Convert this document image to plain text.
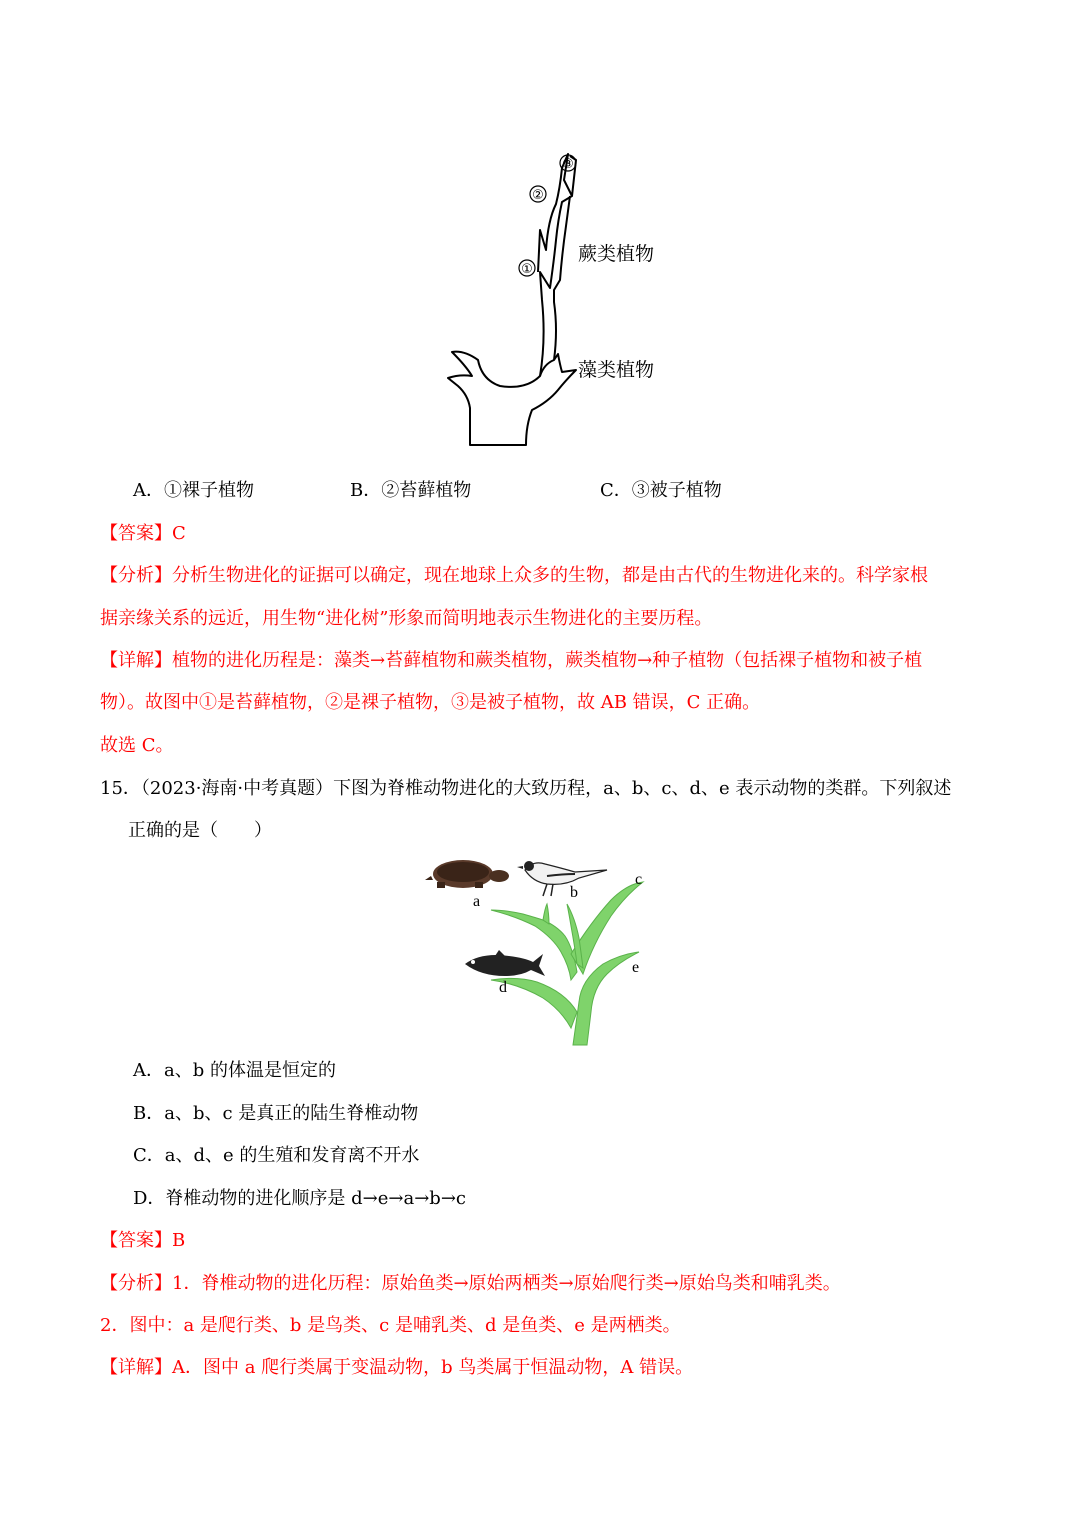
③
②
①
蕨类植物
藻类植物
A．①裸子植物	B．②苔藓植物	C．③被子植物
【答案】C
【分析】分析生物进化的证据可以确定，现在地球上众多的生物，都是由古代的生物进化来的。科学家根
据亲缘关系的远近，用生物“进化树”形象而简明地表示生物进化的主要历程。
【详解】植物的进化历程是：藻类→苔藓植物和蕨类植物，蕨类植物→种子植物（包括裸子植物和被子植
物）。故图中①是苔藓植物，②是裸子植物，③是被子植物，故 AB 错误，C 正确。
故选 C。
15．（2023·海南·中考真题）下图为脊椎动物进化的大致历程，a、b、c、d、e 表示动物的类群。下列叙述
正确的是（　　）
a
b
c
d
e
A．a、b 的体温是恒定的
B．a、b、c 是真正的陆生脊椎动物
C．a、d、e 的生殖和发育离不开水
D．脊椎动物的进化顺序是 d→e→a→b→c
【答案】B
【分析】1．脊椎动物的进化历程：原始鱼类→原始两栖类→原始爬行类→原始鸟类和哺乳类。
2．图中：a 是爬行类、b 是鸟类、c 是哺乳类、d 是鱼类、e 是两栖类。
【详解】A．图中 a 爬行类属于变温动物，b 鸟类属于恒温动物，A 错误。
